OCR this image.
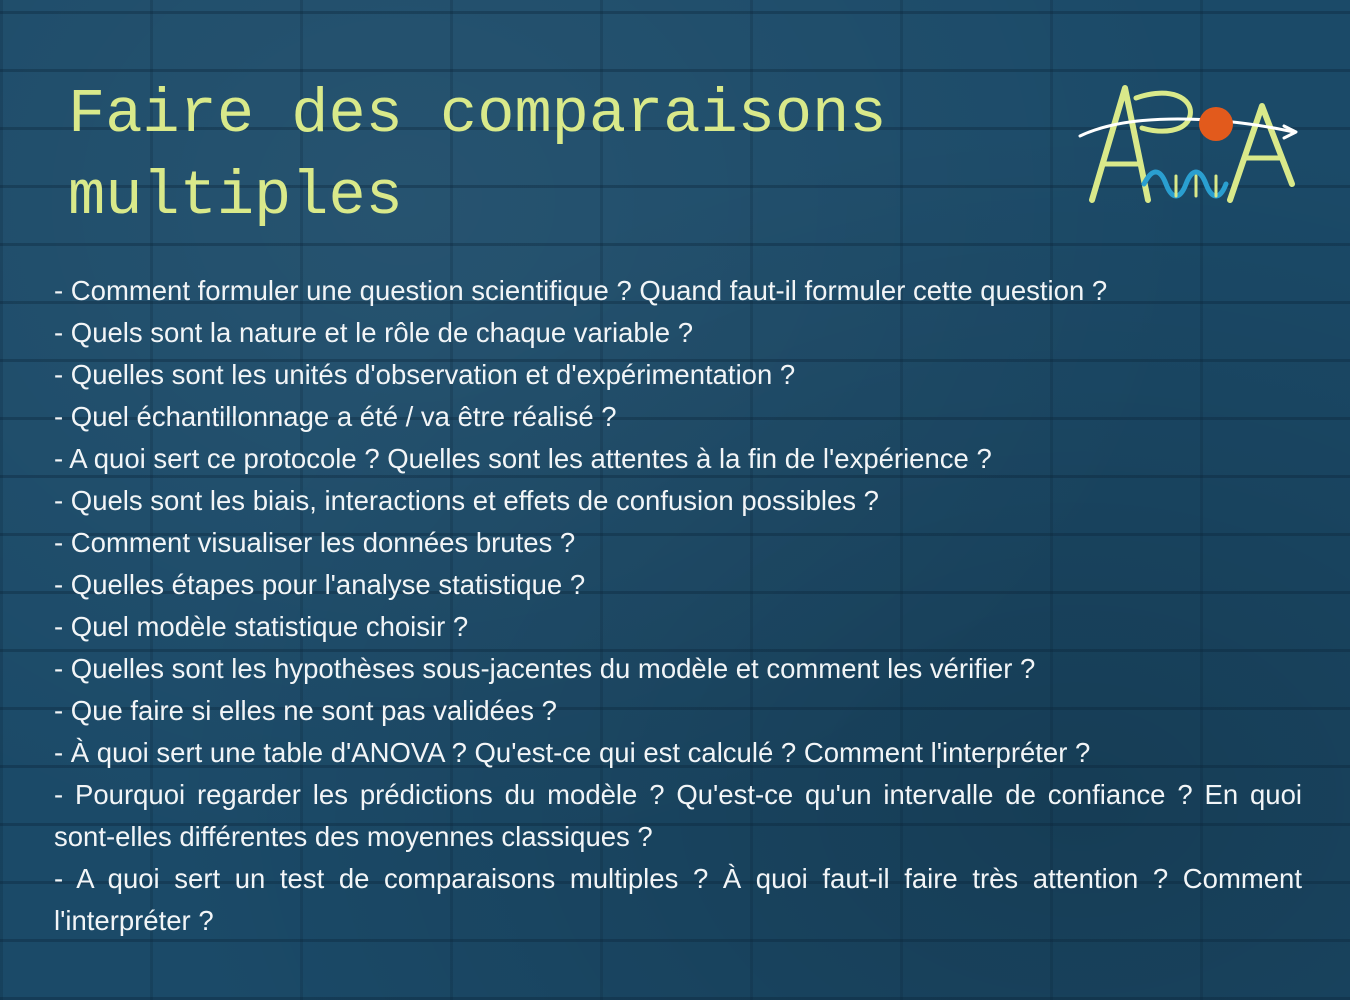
Faire des comparaisons multiples
- Comment formuler une question scientifique ? Quand faut-il formuler cette question ?
- Quels sont la nature et le rôle de chaque variable ?
- Quelles sont les unités d'observation et d'expérimentation ?
- Quel échantillonnage a été / va être réalisé ?
- A quoi sert ce protocole ? Quelles sont les attentes à la fin de l'expérience ?
- Quels sont les biais, interactions et effets de confusion possibles ?
- Comment visualiser les données brutes ?
- Quelles étapes pour l'analyse statistique ?
- Quel modèle statistique choisir ?
- Quelles sont les hypothèses sous-jacentes du modèle et comment les vérifier ?
- Que faire si elles ne sont pas validées ?
- À quoi sert une table d'ANOVA ? Qu'est-ce qui est calculé ? Comment l'interpréter ?
- Pourquoi regarder les prédictions du modèle ? Qu'est-ce qu'un intervalle de confiance ? En quoi sont-elles différentes des moyennes classiques ?
- A quoi sert un test de comparaisons multiples ? À quoi faut-il faire très attention ? Comment l'interpréter ?
